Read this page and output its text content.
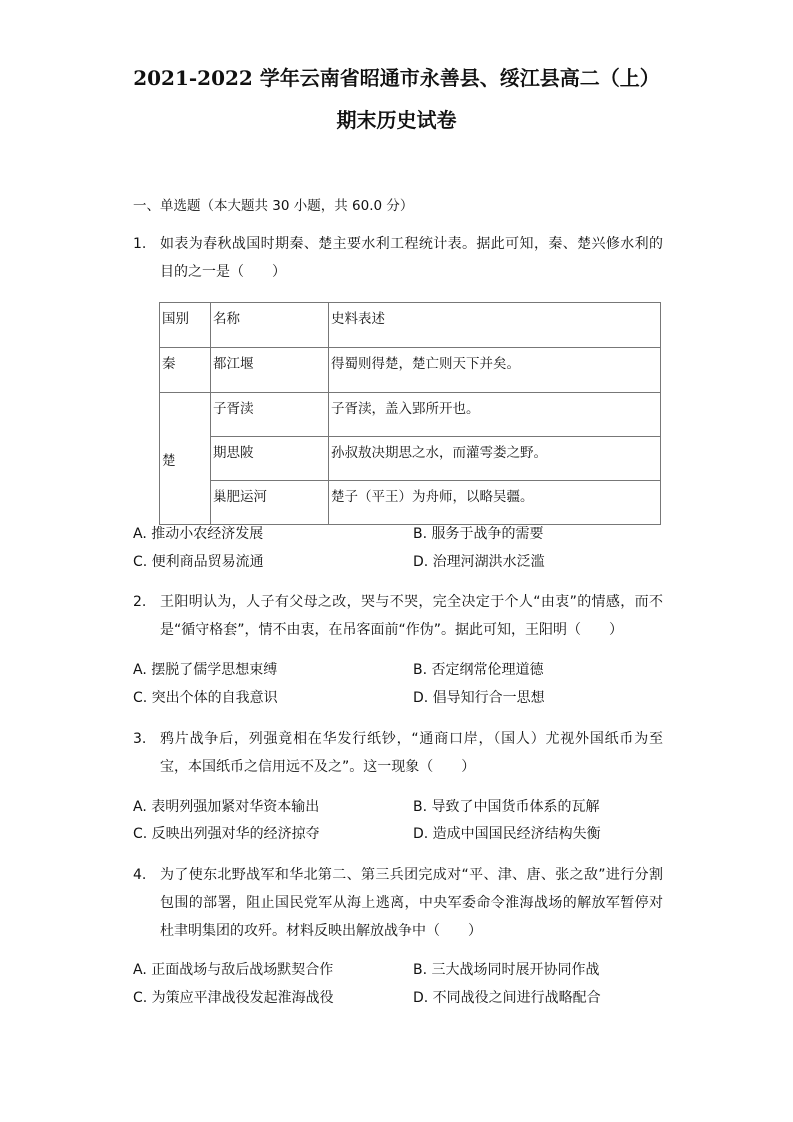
2021-2022 学年云南省昭通市永善县、绥江县高二（上）
期末历史试卷
一、单选题（本大题共 30 小题，共 60.0 分）
1. 如表为春秋战国时期秦、楚主要水利工程统计表。据此可知，秦、楚兴修水利的目的之一是（　　）
国别	名称	史料表述
秦	都江堰	得蜀则得楚，楚亡则天下并矣。
楚	子胥渎	子胥渎，盖入郢所开也。
	期思陂	孙叔敖决期思之水，而灌雩娄之野。
	巢肥运河	楚子（平王）为舟师，以略吴疆。
A. 推动小农经济发展	B. 服务于战争的需要
C. 便利商品贸易流通	D. 治理河湖洪水泛滥
2. 王阳明认为，人子有父母之改，哭与不哭，完全决定于个人“由衷”的情感，而不是“循守格套”，情不由衷，在吊客面前“作伪”。据此可知，王阳明（　　）
A. 摆脱了儒学思想束缚	B. 否定纲常伦理道德
C. 突出个体的自我意识	D. 倡导知行合一思想
3. 鸦片战争后，列强竟相在华发行纸钞，“通商口岸，（国人）尤视外国纸币为至宝，本国纸币之信用远不及之”。这一现象（　　）
A. 表明列强加紧对华资本输出	B. 导致了中国货币体系的瓦解
C. 反映出列强对华的经济掠夺	D. 造成中国国民经济结构失衡
4. 为了使东北野战军和华北第二、第三兵团完成对“平、津、唐、张之敌”进行分割包围的部署，阻止国民党军从海上逃离，中央军委命令淮海战场的解放军暂停对杜聿明集团的攻歼。材料反映出解放战争中（　　）
A. 正面战场与敌后战场默契合作	B. 三大战场同时展开协同作战
C. 为策应平津战役发起淮海战役	D. 不同战役之间进行战略配合
